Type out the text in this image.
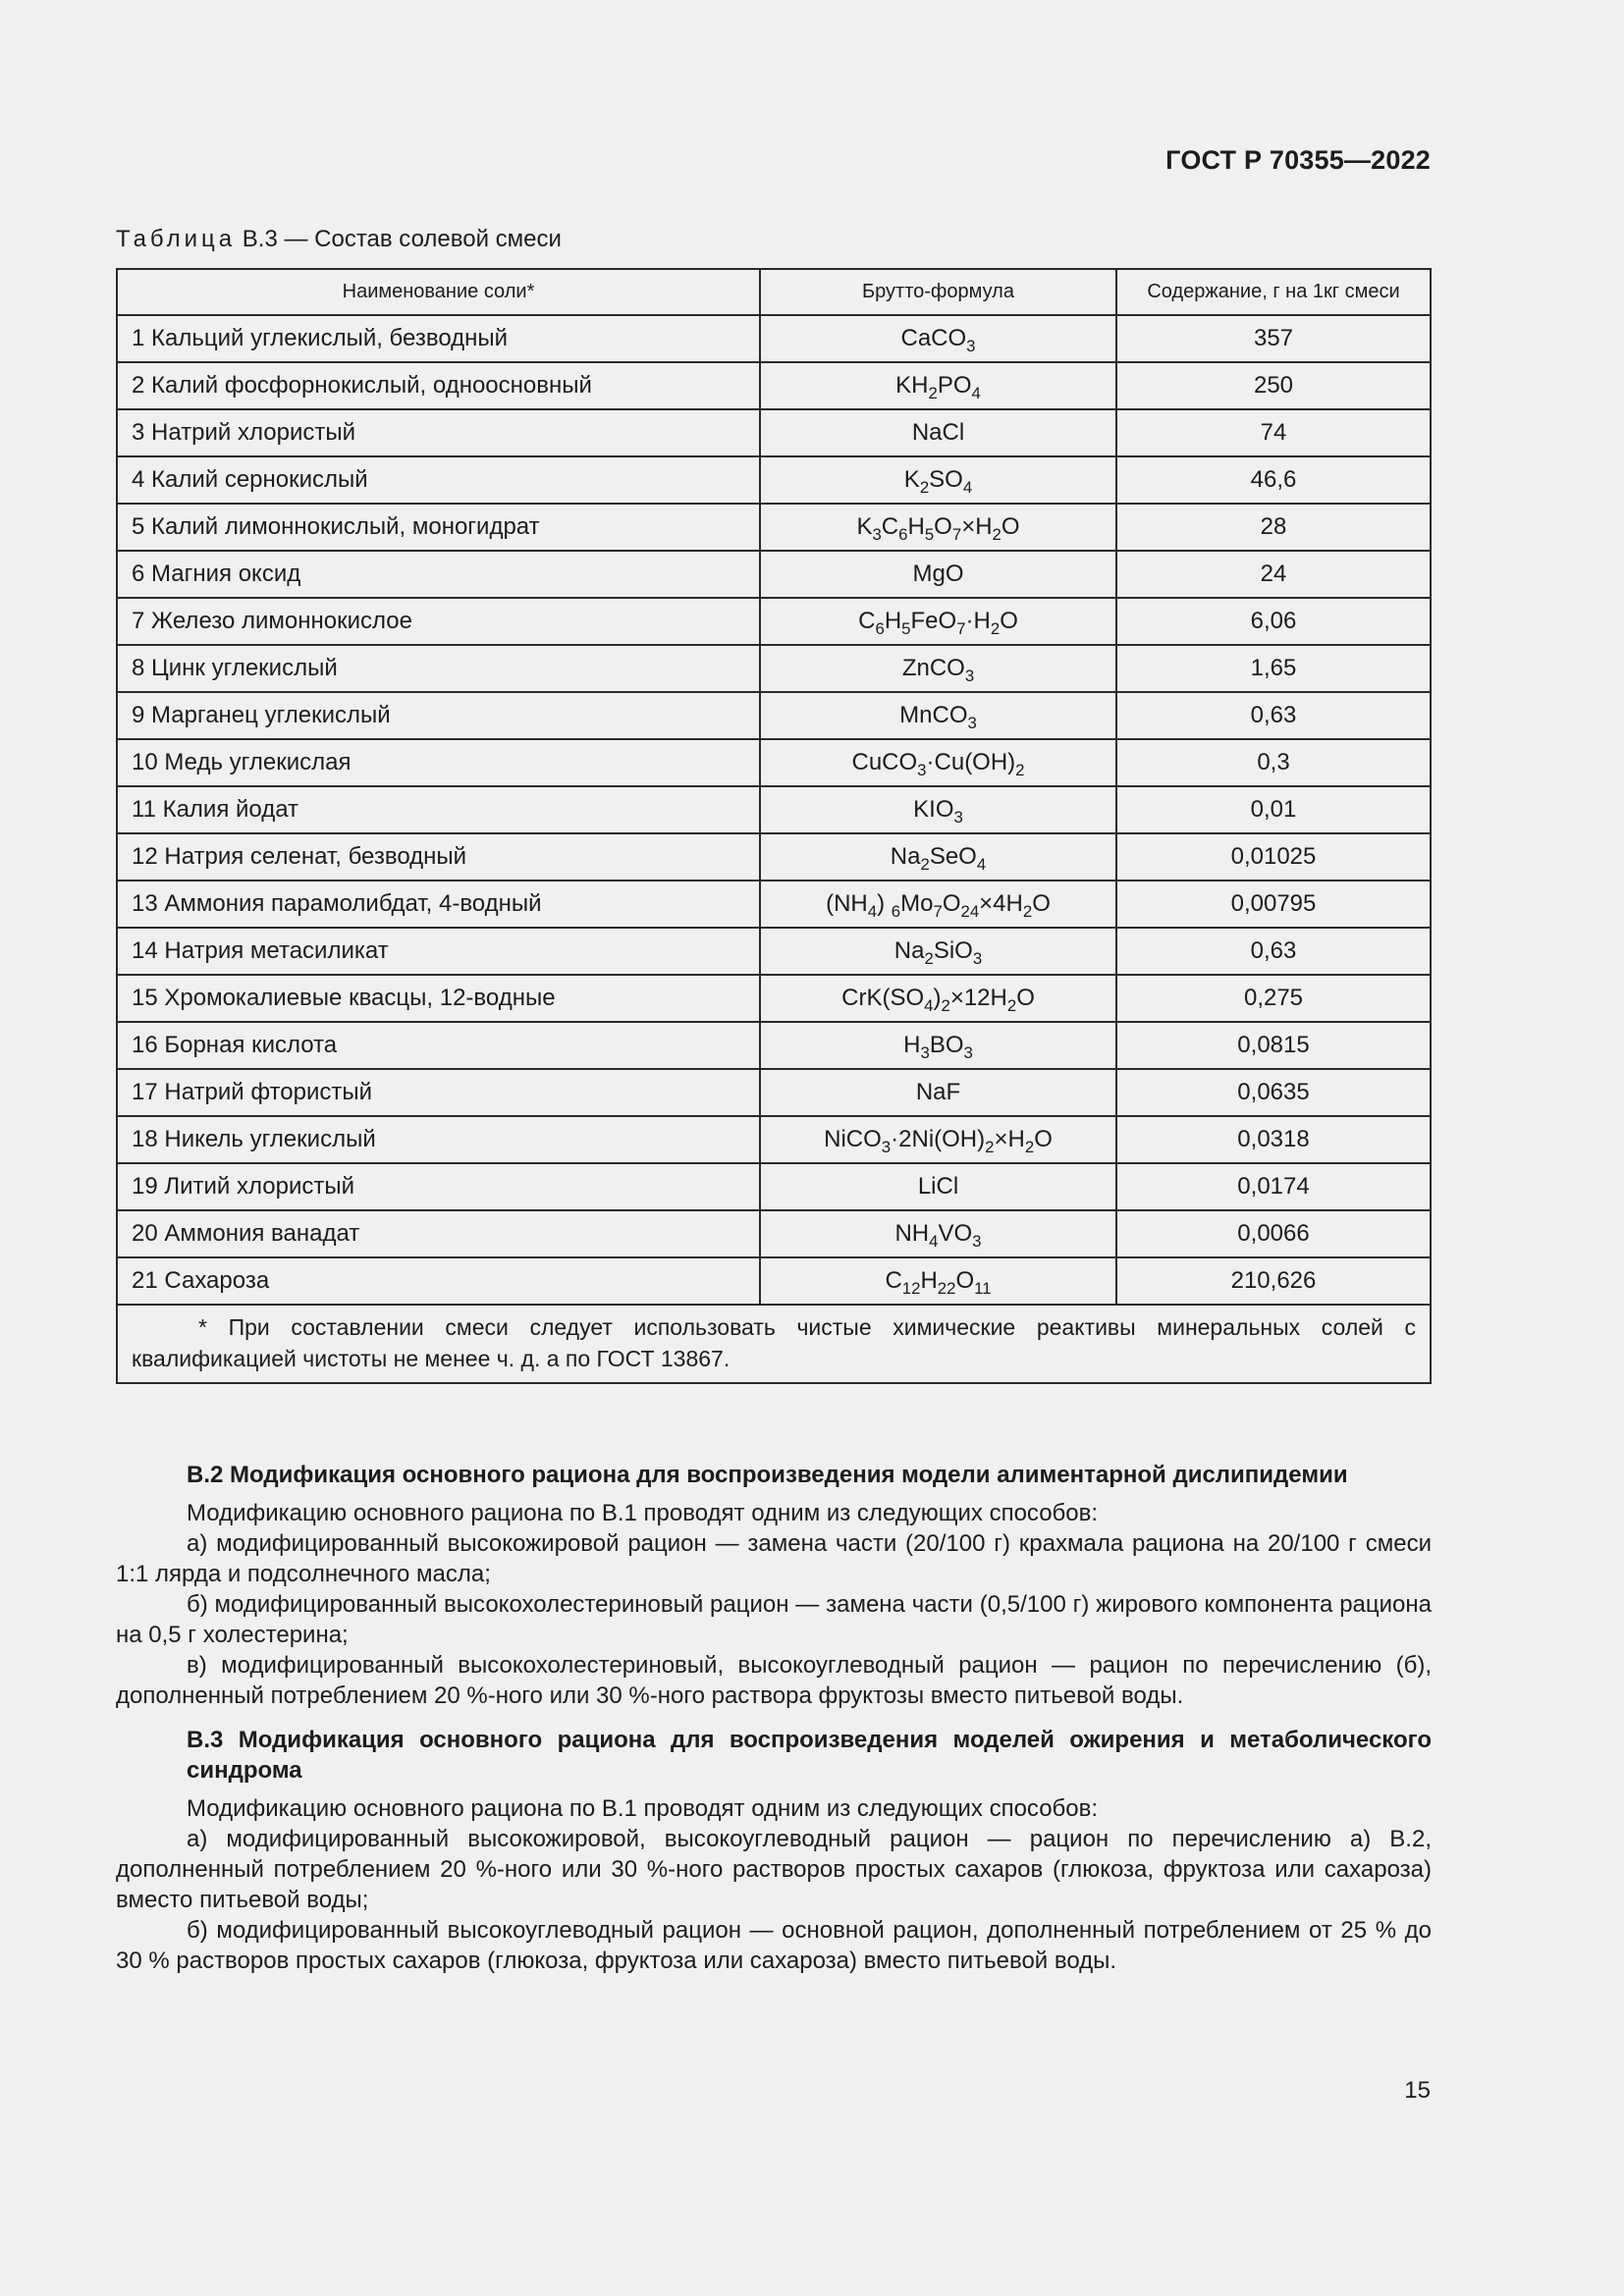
ГОСТ Р 70355—2022
Таблица В.3 — Состав солевой смеси
Наименование соли*	Брутто-формула	Содержание, г на 1кг смеси
1 Кальций углекислый, безводный	CaCO$_3$	357
2 Калий фосфорнокислый, одноосновный	$KH_2PO_4$	250
3 Натрий хлористый	NaCl	74
4 Калий сернокислый	$K_2SO_4$	46,6
5 Калий лимоннокислый, моногидрат	$K_3C_6H_5O_7\times H_2O$	28
6 Магния оксид	MgO	24
7 Железо лимоннокислое	$C_6H_5FeO_7\cdot H_2O$	6,06
8 Цинк углекислый	ZnCO$_3$	1,65
9 Марганец углекислый	MnCO$_3$	0,63
10 Медь углекислая	$CuCO_3\cdot Cu(OH)_2$	0,3
11 Калия йодат	$KIO_3$	0,01
12 Натрия селенат, безводный	$Na_2SeO_4$	0,01025
13 Аммония парамолибдат, 4-водный	$(NH_4)$ $_6Mo_7O_{24}\times 4H_2O$	0,00795
14 Натрия метасиликат	$Na_2SiO_3$	0,63
15 Хромокалиевые квасцы, 12-водные	$CrK(SO_4)_2\times 12H_2O$	0,275
16 Борная кислота	$H_3BO_3$	0,0815
17 Натрий фтористый	NaF	0,0635
18 Никель углекислый	$NiCO_3\cdot 2Ni(OH)_2\times H_2O$	0,0318
19 Литий хлористый	LiCl	0,0174
20 Аммония ванадат	$NH_4VO_3$	0,0066
21 Сахароза	$C_{12}H_{22}O_{11}$	210,626
* При составлении смеси следует использовать чистые химические реактивы минеральных солей с квалификацией чистоты не менее ч. д. а по ГОСТ 13867.		

В.2 Модификация основного рациона для воспроизведения модели алиментарной дислипидемии

Модификацию основного рациона по В.1 проводят одним из следующих способов:

а) модифицированный высокожировой рацион — замена части (20/100 г) крахмала рациона на 20/100 г смеси 1:1 лярда и подсолнечного масла;

б) модифицированный высокохолестериновый рацион — замена части (0,5/100 г) жирового компонента рациона на 0,5 г холестерина;

в) модифицированный высокохолестериновый, высокоуглеводный рацион — рацион по перечислению (б), дополненный потреблением 20 %-ного или 30 %-ного раствора фруктозы вместо питьевой воды.

В.3 Модификация основного рациона для воспроизведения моделей ожирения и метаболического синдрома

Модификацию основного рациона по В.1 проводят одним из следующих способов:

а) модифицированный высокожировой, высокоуглеводный рацион — рацион по перечислению а) В.2, дополненный потреблением 20 %-ного или 30 %-ного растворов простых сахаров (глюкоза, фруктоза или сахароза) вместо питьевой воды;

б) модифицированный высокоуглеводный рацион — основной рацион, дополненный потреблением от 25 % до 30 % растворов простых сахаров (глюкоза, фруктоза или сахароза) вместо питьевой воды.

15
